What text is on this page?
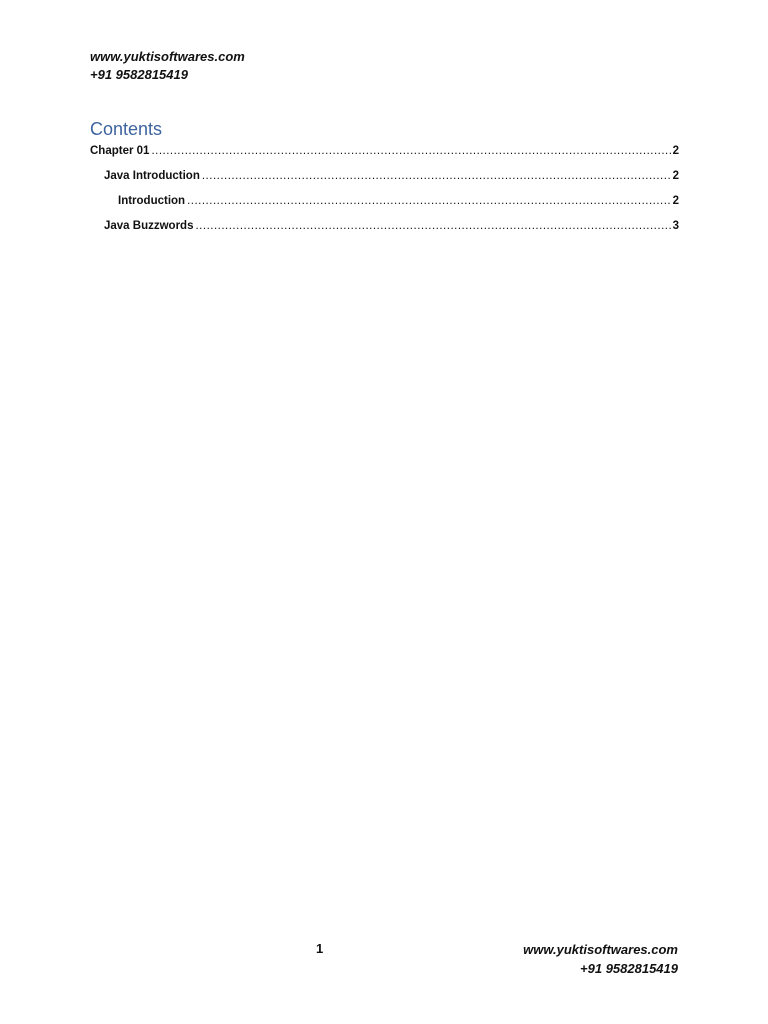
www.yuktisoftwares.com
+91 9582815419
Contents
Chapter 01 .....	2
Java Introduction .....	2
Introduction .....	2
Java Buzzwords .....	3
1	www.yuktisoftwares.com
+91 9582815419
